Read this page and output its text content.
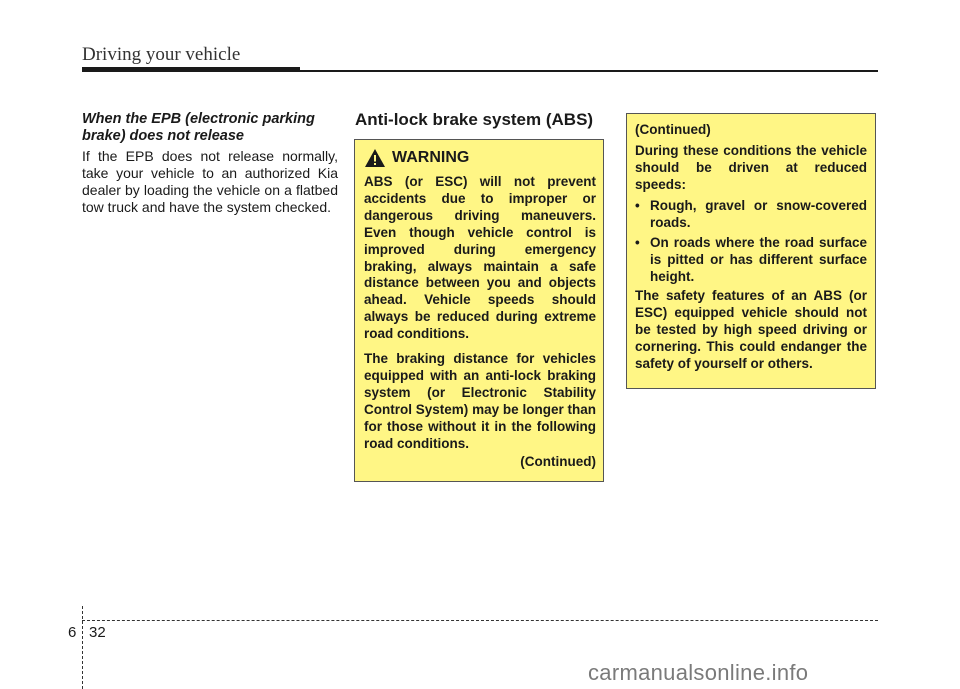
Driving your vehicle
When the EPB (electronic parking brake) does not release
If the EPB does not release normally, take your vehicle to an authorized Kia dealer by loading the vehicle on a flatbed tow truck and have the system checked.
Anti-lock brake system (ABS)
WARNING

ABS (or ESC) will not prevent accidents due to improper or dangerous driving maneuvers. Even though vehicle control is improved during emergency braking, always maintain a safe distance between you and objects ahead. Vehicle speeds should always be reduced during extreme road conditions.

The braking distance for vehicles equipped with an anti-lock braking system (or Electronic Stability Control System) may be longer than for those without it in the following road conditions.

(Continued)

(Continued)

During these conditions the vehicle should be driven at reduced speeds:

• Rough, gravel or snow-covered roads.
• On roads where the road surface is pitted or has different surface height.

The safety features of an ABS (or ESC) equipped vehicle should not be tested by high speed driving or cornering. This could endanger the safety of yourself or others.

6 32
carmanualsonline.info
